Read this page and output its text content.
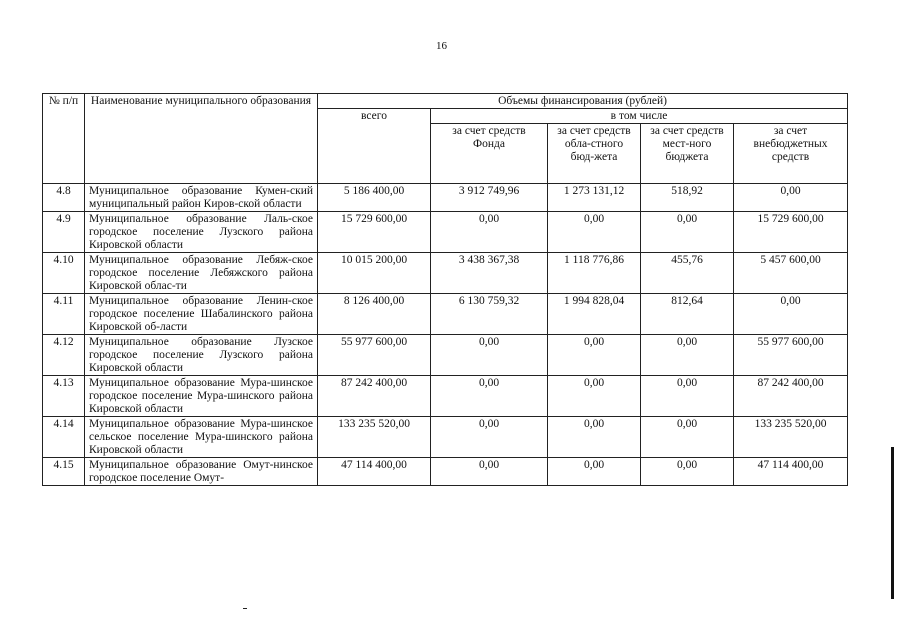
16
№ п/п	Наименование муниципального образования	Объемы финансирования (рублей)				
		всего	в том числе			
			за счет средств Фонда	за счет средств обла-стного бюд-жета	за счет средств мест-ного бюджета	за счет внебюджетных средств
4.8	Муниципальное образование Кумен-ский муниципальный район Киров-ской области	5 186 400,00	3 912 749,96	1 273 131,12	518,92	0,00
4.9	Муниципальное образование Лаль-ское городское поселение Лузского района Кировской области	15 729 600,00	0,00	0,00	0,00	15 729 600,00
4.10	Муниципальное образование Лебяж-ское городское поселение Лебяжского района Кировской облас-ти	10 015 200,00	3 438 367,38	1 118 776,86	455,76	5 457 600,00
4.11	Муниципальное образование Ленин-ское городское поселение Шабалинского района Кировской об-ласти	8 126 400,00	6 130 759,32	1 994 828,04	812,64	0,00
4.12	Муниципальное образование Лузское городское поселение Лузского района Кировской области	55 977 600,00	0,00	0,00	0,00	55 977 600,00
4.13	Муниципальное образование Мура-шинское городское поселение Мура-шинского района Кировской области	87 242 400,00	0,00	0,00	0,00	87 242 400,00
4.14	Муниципальное образование Мура-шинское сельское поселение Мура-шинского района Кировской области	133 235 520,00	0,00	0,00	0,00	133 235 520,00
4.15	Муниципальное образование Омут-нинское городское поселение Омут-	47 114 400,00	0,00	0,00	0,00	47 114 400,00
